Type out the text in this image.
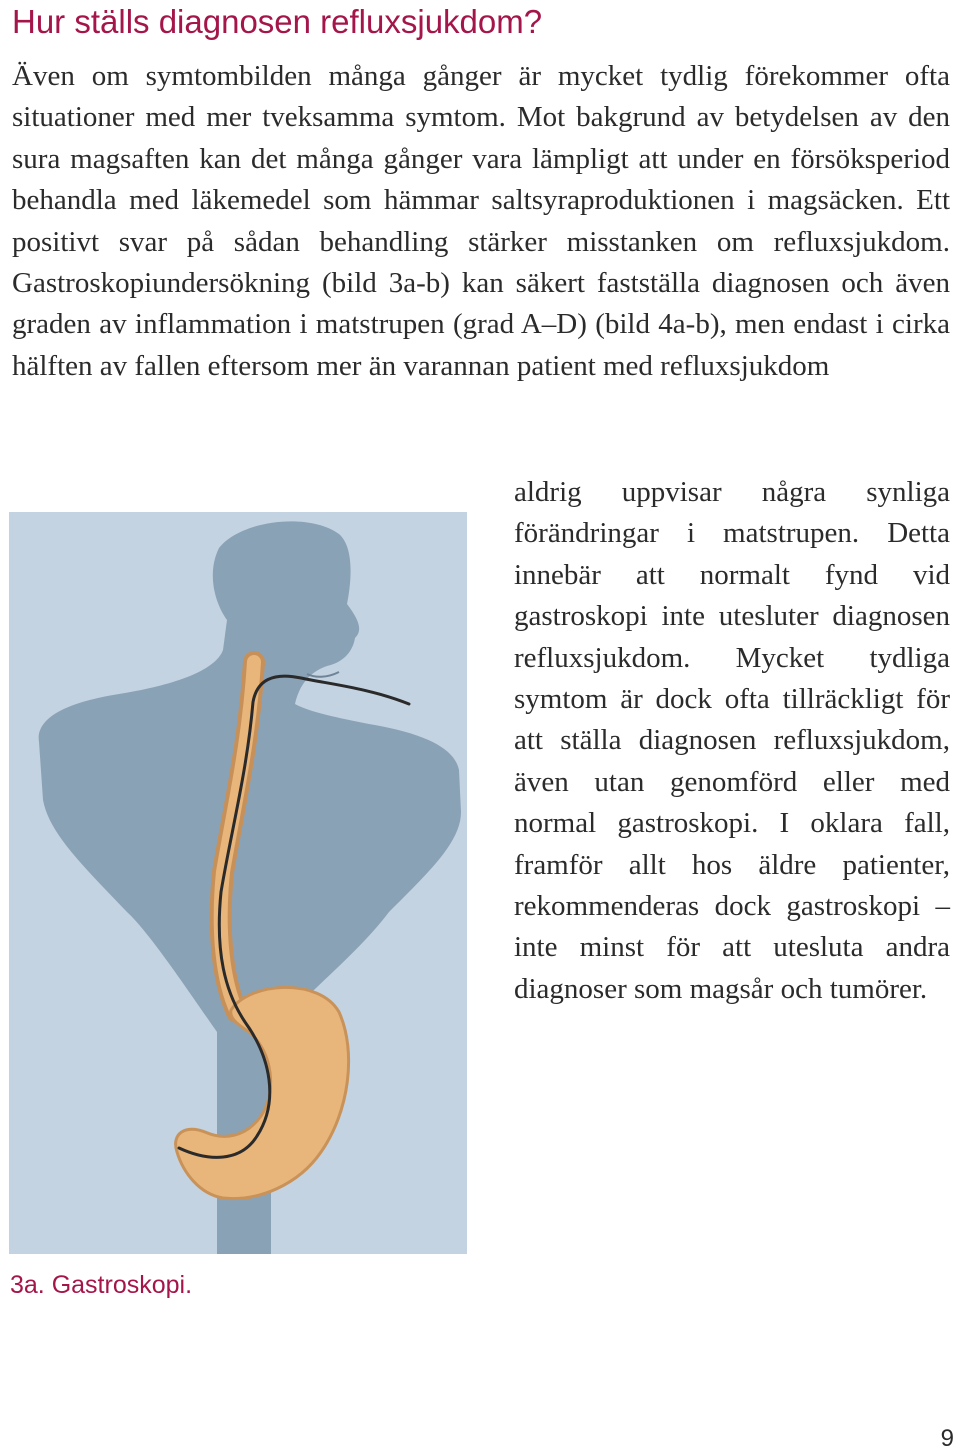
Hur ställs diagnosen refluxsjukdom?

Även om symtombilden många gånger är mycket tydlig förekommer ofta situationer med mer tveksamma symtom. Mot bakgrund av betydelsen av den sura magsaften kan det många gånger vara lämpligt att under en försöksperiod behandla med läkemedel som hämmar saltsyraproduktionen i magsäcken. Ett positivt svar på sådan behandling stärker misstanken om refluxsjukdom. Gastroskopiundersökning (bild 3a-b) kan säkert fastställa diagnosen och även graden av inflammation i matstrupen (grad A–D) (bild 4a-b), men endast i cirka hälften av fallen eftersom mer än varannan patient med refluxsjukdom

aldrig uppvisar några synliga förändringar i matstrupen. Detta innebär att normalt fynd vid gastroskopi inte utesluter diagnosen refluxsjukdom. Mycket tydliga symtom är dock ofta tillräckligt för att ställa diagnosen refluxsjukdom, även utan genomförd eller med normal gastroskopi. I oklara fall, framför allt hos äldre patienter, rekommenderas dock gastroskopi – inte minst för att utesluta andra diagnoser som magsår och tumörer.

3a. Gastroskopi.

9
